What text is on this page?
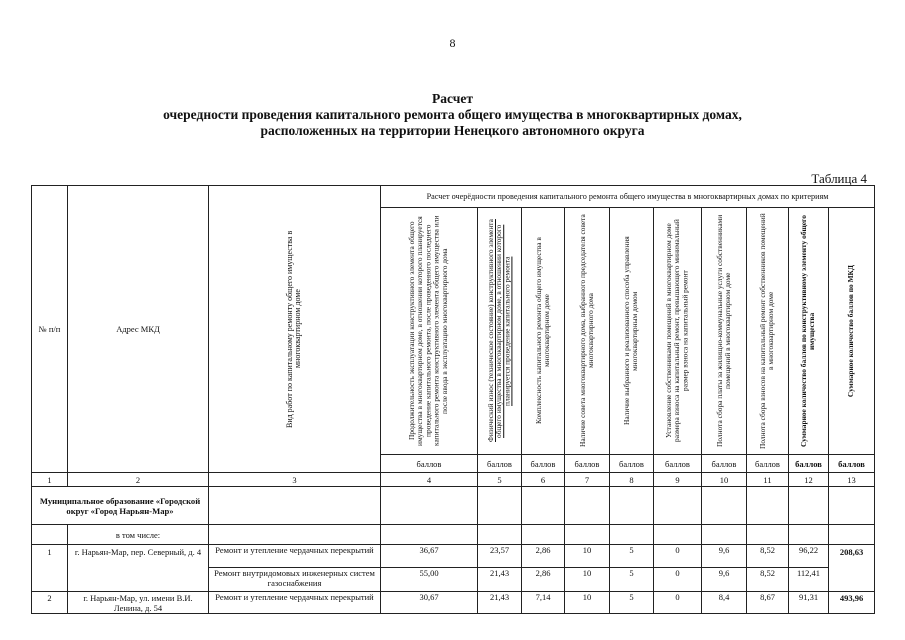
8
Расчет
очередности проведения капитального ремонта общего имущества в многоквартирных домах,
расположенных на территории Ненецкого автономного округа
Таблица 4
№ п/п	Адрес МКД	Вид работ по капитальному ремонту общего имущества в многоквартирном доме	Расчет очерёдности проведения капитального ремонта общего имущества в многоквартирных домах по критериям									

			Продолжительность эксплуатации конструктивного элемента общего имущества в многоквартирном доме, в отношении которого планируется проведение капитального ремонта, после проведенного последнего капитального ремонта конструктивного элемента общего имущества или после ввода в эксплуатацию многоквартирного дома	Физический износ (техническое состояние) конструктивного элемента общего имущества в многоквартирном доме, в отношении которого планируется проведение капитального ремонта	Комплексность капитального ремонта общего имущества в многоквартирном доме	Наличие совета многоквартирного дома, выбранного председателя совета многоквартирного дома	Наличие выбранного и реализованного способа управления многоквартирным домом	Установление собственниками помещений в многоквартирном доме размера взноса на капитальный ремонт, превышающего минимальный размер взноса на капитальный ремонт	Полнота сбора платы за жилищно-коммунальные услуги собственниками помещений в многоквартирном доме	Полнота сбора взносов на капитальный ремонт собственников помещений в многоквартирном доме	Суммарное количество баллов по конструктивному элементу общего имущества	Суммарное количество баллов по МКД

			баллов	баллов	баллов	баллов	баллов	баллов	баллов	баллов	баллов	баллов
1	2	3	4	5	6	7	8	9	10	11	12	13
Муниципальное образование «Городской округ «Город Нарьян-Мар»												
	в том числе:											
1	г. Нарьян-Мар, пер. Северный, д. 4	Ремонт и утепление чердачных перекрытий	36,67	23,57	2,86	10	5	0	9,6	8,52	96,22	208,63
		Ремонт внутридомовых инженерных систем газоснабжения	55,00	21,43	2,86	10	5	0	9,6	8,52	112,41	
2	г. Нарьян-Мар, ул. имени В.И. Ленина, д. 54	Ремонт и утепление чердачных перекрытий	30,67	21,43	7,14	10	5	0	8,4	8,67	91,31	493,96
